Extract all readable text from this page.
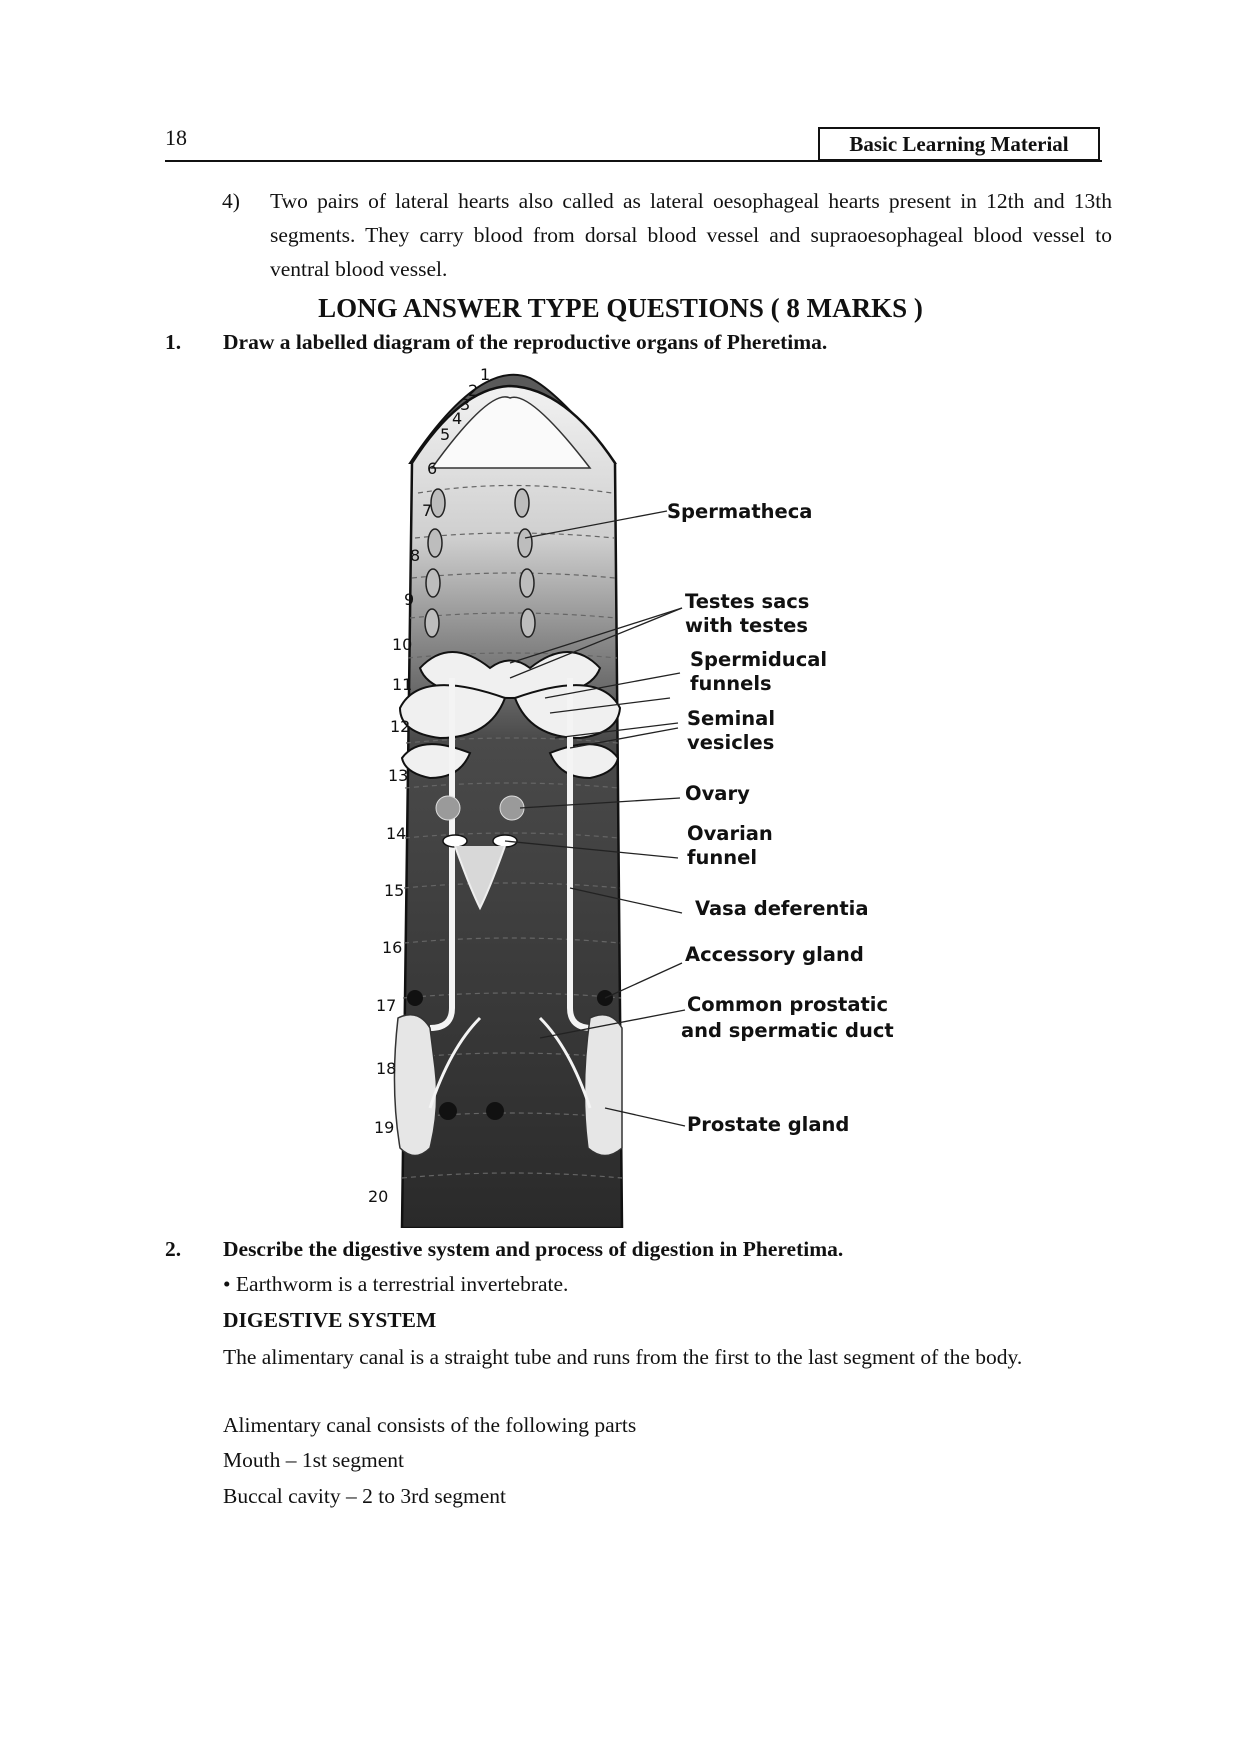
18	Basic Learning Material
4) Two pairs of lateral hearts also called as lateral oesophageal hearts present in 12th and 13th segments. They carry blood from dorsal blood vessel and supraoesophageal blood vessel to ventral blood vessel.
LONG ANSWER TYPE QUESTIONS ( 8 MARKS )
1. Draw a labelled diagram of the reproductive organs of Pheretima.
1
2
3
4
5
6
7
8
9
10
11
12
13
14
15
16
17
18
19
20
Spermatheca
Testes sacs
with testes
Spermiducal
funnels
Seminal
vesicles
Ovary
Ovarian
funnel
Vasa deferentia
Accessory gland
Common prostatic
and spermatic duct
Prostate gland
2. Describe the digestive system and process of digestion in Pheretima.
• Earthworm is a terrestrial invertebrate.
DIGESTIVE SYSTEM
The alimentary canal is a straight tube and runs from the first to the last segment of the body.
Alimentary canal consists of the following parts
Mouth – 1st segment
Buccal cavity – 2 to 3rd segment
